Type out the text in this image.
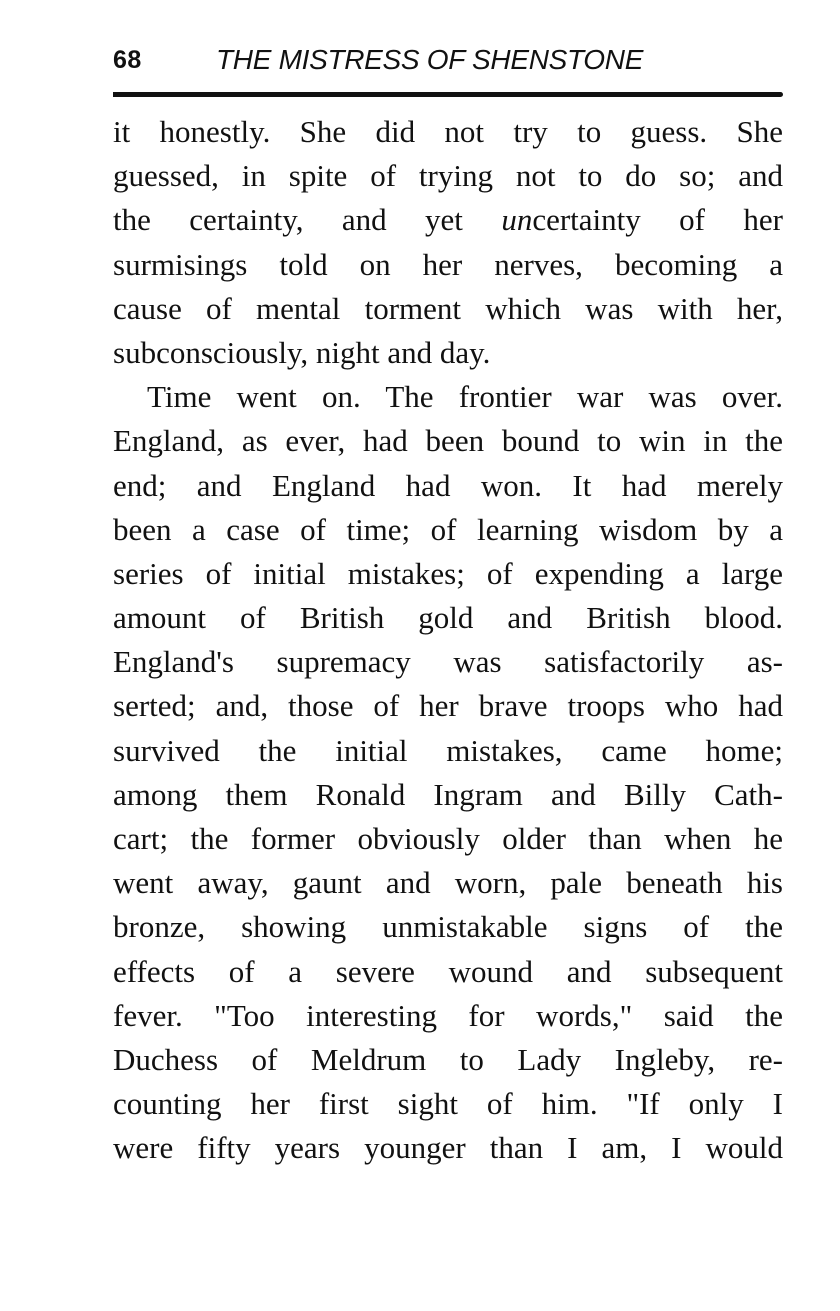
68	THE MISTRESS OF SHENSTONE
it honestly. She did not try to guess. She
guessed, in spite of trying not to do so; and
the certainty, and yet uncertainty of her
surmisings told on her nerves, becoming a
cause of mental torment which was with her,
subconsciously, night and day.
Time went on. The frontier war was over.
England, as ever, had been bound to win in the
end; and England had won. It had merely
been a case of time; of learning wisdom by a
series of initial mistakes; of expending a large
amount of British gold and British blood.
England's supremacy was satisfactorily as-
serted; and, those of her brave troops who had
survived the initial mistakes, came home;
among them Ronald Ingram and Billy Cath-
cart; the former obviously older than when he
went away, gaunt and worn, pale beneath his
bronze, showing unmistakable signs of the
effects of a severe wound and subsequent
fever. "Too interesting for words," said the
Duchess of Meldrum to Lady Ingleby, re-
counting her first sight of him. "If only I
were fifty years younger than I am, I would
